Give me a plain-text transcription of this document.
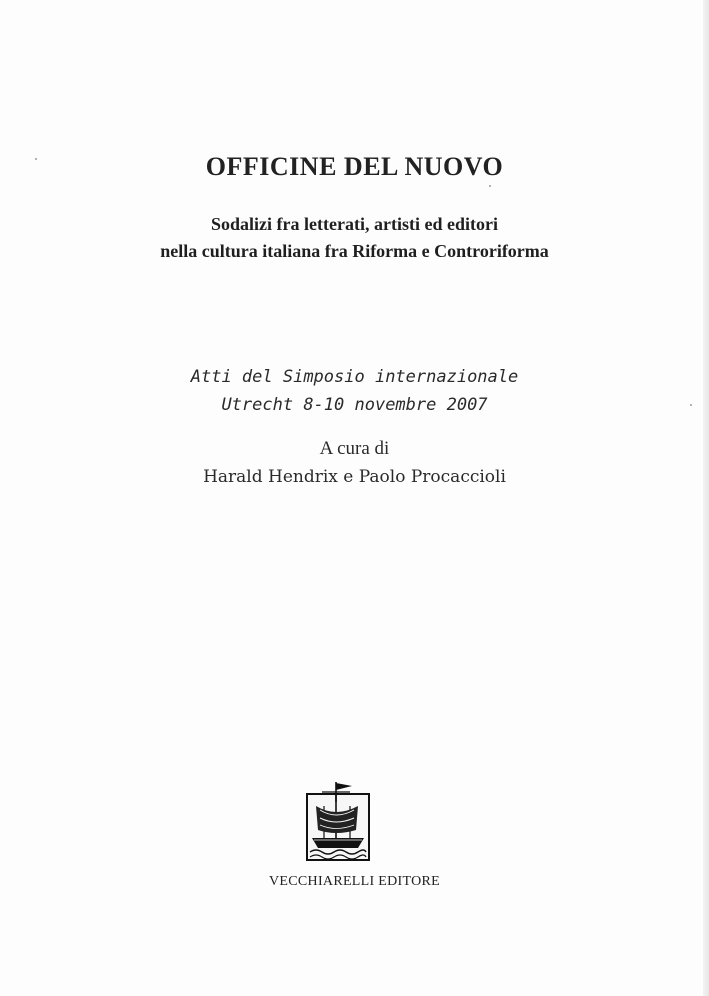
OFFICINE DEL NUOVO
Sodalizi fra letterati, artisti ed editori
nella cultura italiana fra Riforma e Controriforma
Atti del Simposio internazionale
Utrecht 8-10 novembre 2007
A cura di
Harald Hendrix e Paolo Procaccioli
VECCHIARELLI EDITORE
